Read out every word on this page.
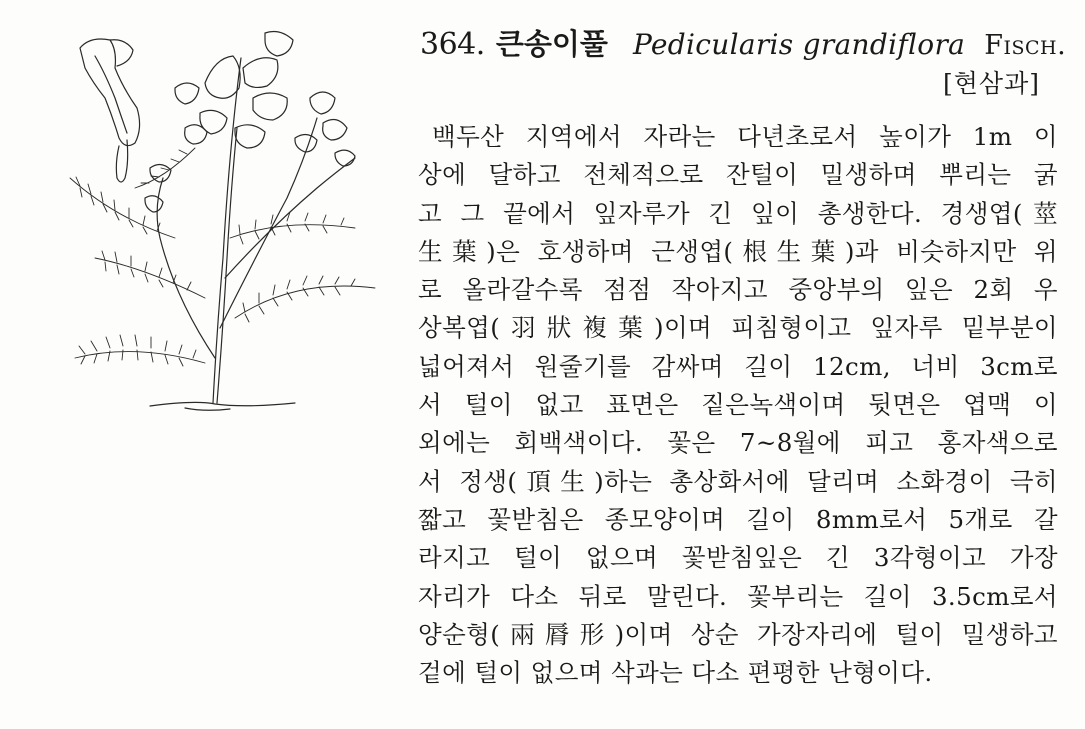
364. 큰송이풀 Pedicularis grandiflora Fisch.
[현삼과]
백두산 지역에서 자라는 다년초로서 높이가 1m 이
상에 달하고 전체적으로 잔털이 밀생하며 뿌리는 굵
고 그 끝에서 잎자루가 긴 잎이 총생한다. 경생엽(莖
生葉)은 호생하며 근생엽(根生葉)과 비슷하지만 위
로 올라갈수록 점점 작아지고 중앙부의 잎은 2회 우
상복엽(羽狀複葉)이며 피침형이고 잎자루 밑부분이
넓어져서 원줄기를 감싸며 길이 12cm, 너비 3cm로
서 털이 없고 표면은 짙은녹색이며 뒷면은 엽맥 이
외에는 회백색이다. 꽃은 7~8월에 피고 홍자색으로
서 정생(頂生)하는 총상화서에 달리며 소화경이 극히
짧고 꽃받침은 종모양이며 길이 8mm로서 5개로 갈
라지고 털이 없으며 꽃받침잎은 긴 3각형이고 가장
자리가 다소 뒤로 말린다. 꽃부리는 길이 3.5cm로서
양순형(兩脣形)이며 상순 가장자리에 털이 밀생하고
겉에 털이 없으며 삭과는 다소 편평한 난형이다.
